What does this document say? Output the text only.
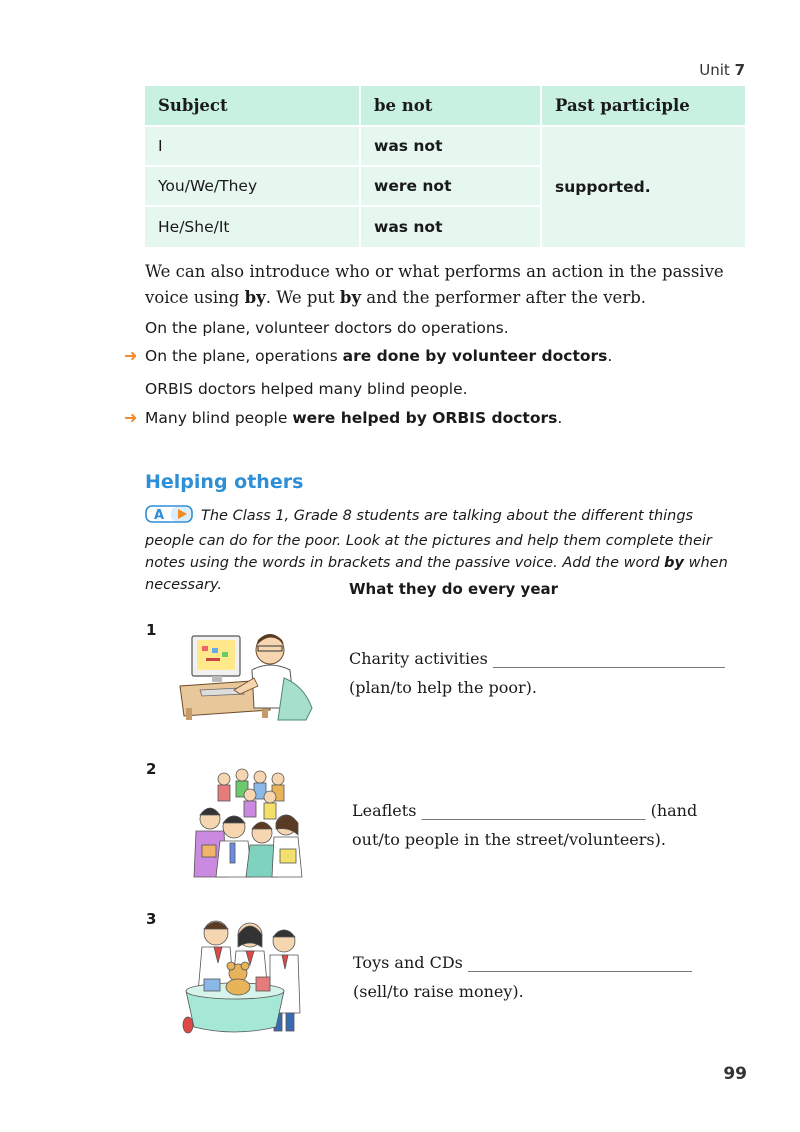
Unit 7
Subject	be not	Past participle
I	was not	supported.
You/We/They	were not	
He/She/It	was not	
We can also introduce who or what performs an action in the passive voice using by. We put by and the performer after the verb.
On the plane, volunteer doctors do operations.
➜ On the plane, operations are done by volunteer doctors.
ORBIS doctors helped many blind people.
➜ Many blind people were helped by ORBIS doctors.
Helping others
A	The Class 1, Grade 8 students are talking about the different things people can do for the poor. Look at the pictures and help them complete their notes using the words in brackets and the passive voice. Add the word by when necessary.	What they do every year
1
Charity activities _____________________________
(plan/to help the poor).
2
Leaflets ____________________________ (hand
out/to people in the street/volunteers).
3
Toys and CDs ____________________________
(sell/to raise money).
99
